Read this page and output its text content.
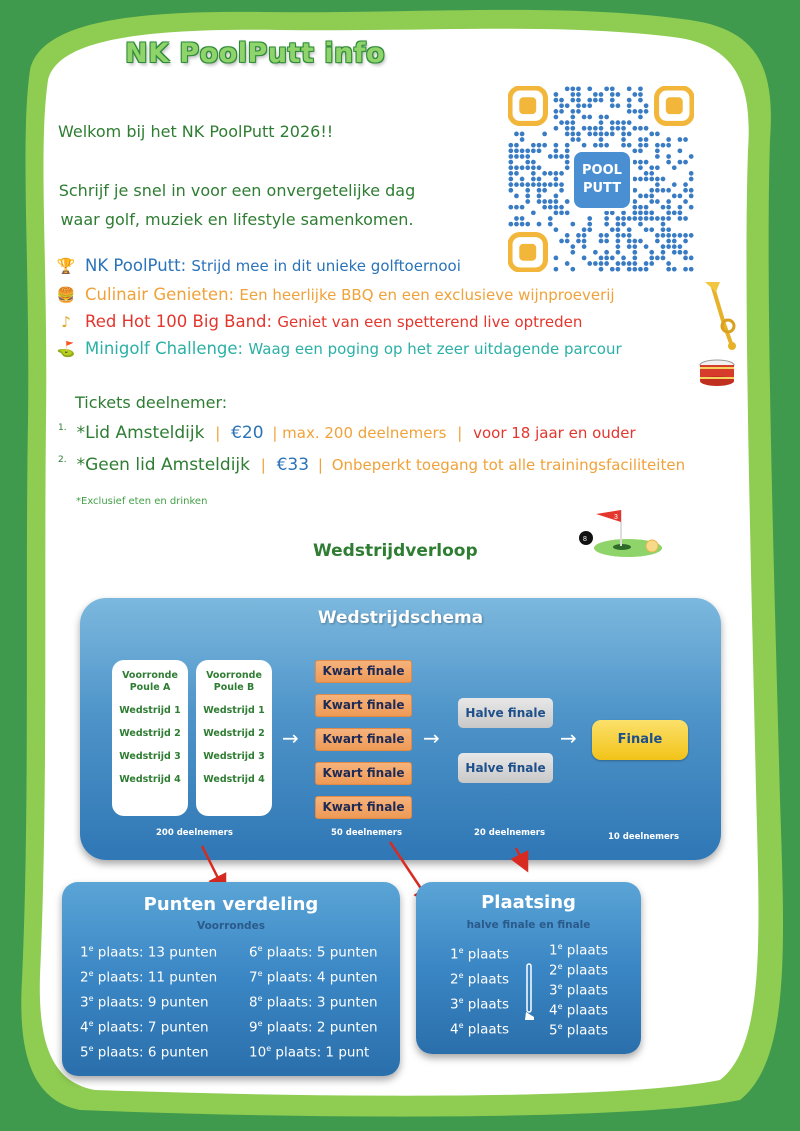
NK PoolPutt info
POOL
PUTT
Welkom bij het NK PoolPutt 2026!!
Schrijf je snel in voor een onvergetelijke dag
waar golf, muziek en lifestyle samenkomen.
🏆 NK PoolPutt: Strijd mee in dit unieke golftoernooi
🍔 Culinair Genieten: Een heerlijke BBQ en een exclusieve wijnproeverij
♪ Red Hot 100 Big Band: Geniet van een spetterend live optreden
⛳ Minigolf Challenge: Waag een poging op het zeer uitdagende parcour
Tickets deelnemer:
$^{1.}$ *Lid Amsteldijk | €20 | max. 200 deelnemers | voor 18 jaar en ouder
$^{2.}$ *Geen lid Amsteldijk | €33 | Onbeperkt toegang tot alle trainingsfaciliteiten
*Exclusief eten en drinken
Wedstrijdverloop
3
8
Wedstrijdschema
Voorronde
Poule A
Wedstrijd 1
Wedstrijd 2
Wedstrijd 3
Wedstrijd 4
Voorronde
Poule B
Wedstrijd 1
Wedstrijd 2
Wedstrijd 3
Wedstrijd 4
→
Kwart finale
Kwart finale
Kwart finale
Kwart finale
Kwart finale
→
Halve finale
Halve finale
→	Finale
200 deelnemers	50 deelnemers	20 deelnemers	10 deelnemers
Punten verdeling
Voorrondes
1e plaats: 13 punten
2e plaats: 11 punten
3e plaats: 9 punten
4e plaats: 7 punten
5e plaats: 6 punten
6e plaats: 5 punten
7e plaats: 4 punten
8e plaats: 3 punten
9e plaats: 2 punten
10e plaats: 1 punt
Plaatsing
halve finale en finale
1e plaats
2e plaats
3e plaats
4e plaats
1e plaats
2e plaats
3e plaats
4e plaats
5e plaats
